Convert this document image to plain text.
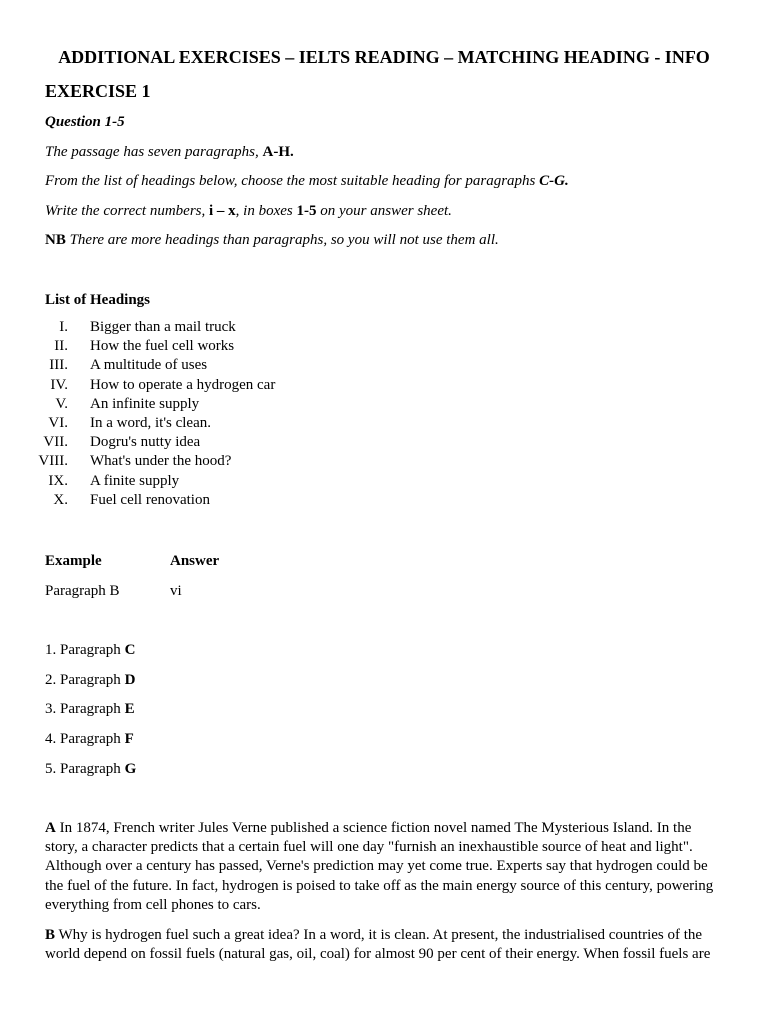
ADDITIONAL EXERCISES – IELTS READING – MATCHING HEADING - INFO
EXERCISE 1
Question 1-5
The passage has seven paragraphs, A-H.
From the list of headings below, choose the most suitable heading for paragraphs C-G.
Write the correct numbers, i – x, in boxes 1-5 on your answer sheet.
NB There are more headings than paragraphs, so you will not use them all.
List of Headings
I. Bigger than a mail truck
II. How the fuel cell works
III. A multitude of uses
IV. How to operate a hydrogen car
V. An infinite supply
VI. In a word, it's clean.
VII. Dogru's nutty idea
VIII. What's under the hood?
IX. A finite supply
X. Fuel cell renovation
Example	Answer
Paragraph B	vi
1. Paragraph C
2. Paragraph D
3. Paragraph E
4. Paragraph F
5. Paragraph G
A In 1874, French writer Jules Verne published a science fiction novel named The Mysterious Island. In the story, a character predicts that a certain fuel will one day "furnish an inexhaustible source of heat and light". Although over a century has passed, Verne's prediction may yet come true. Experts say that hydrogen could be the fuel of the future. In fact, hydrogen is poised to take off as the main energy source of this century, powering everything from cell phones to cars.
B Why is hydrogen fuel such a great idea? In a word, it is clean. At present, the industrialised countries of the world depend on fossil fuels (natural gas, oil, coal) for almost 90 per cent of their energy. When fossil fuels are
